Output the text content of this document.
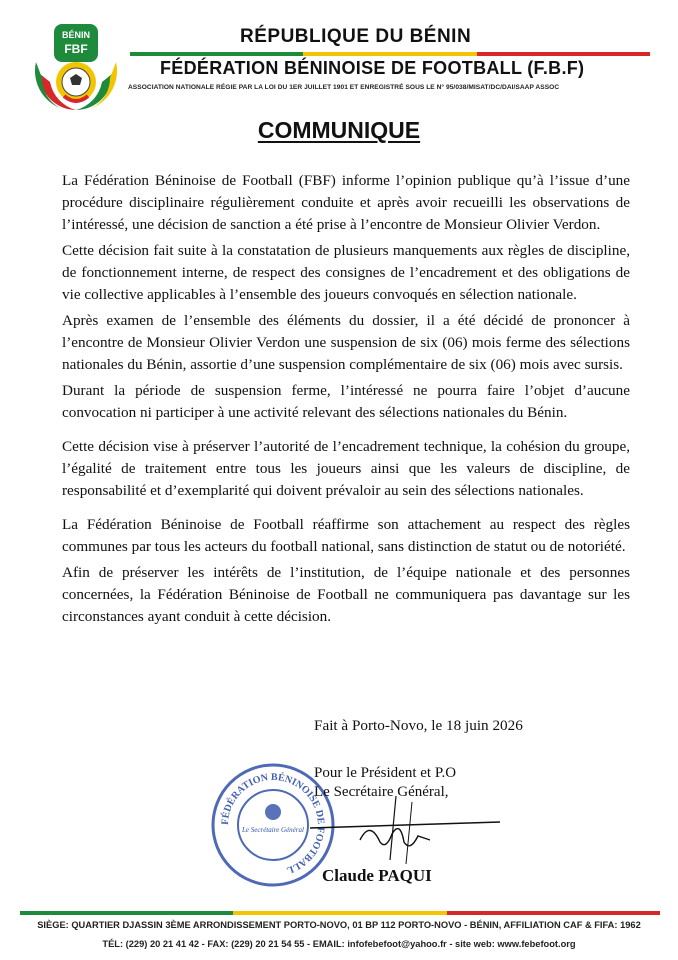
BÉNIN
FBF
RÉPUBLIQUE DU BÉNIN
FÉDÉRATION BÉNINOISE DE FOOTBALL (F.B.F)
ASSOCIATION NATIONALE RÉGIE PAR LA LOI DU 1ER JUILLET 1901 ET ENREGISTRÉ SOUS LE N° 95/038/MISAT/DC/DAI/SAAP ASSOC
COMMUNIQUE

La Fédération Béninoise de Football (FBF) informe l’opinion publique qu’à l’issue d’une procédure disciplinaire régulièrement conduite et après avoir recueilli les observations de l’intéressé, une décision de sanction a été prise à l’encontre de Monsieur Olivier Verdon.

Cette décision fait suite à la constatation de plusieurs manquements aux règles de discipline, de fonctionnement interne, de respect des consignes de l’encadrement et des obligations de vie collective applicables à l’ensemble des joueurs convoqués en sélection nationale.

Après examen de l’ensemble des éléments du dossier, il a été décidé de prononcer à l’encontre de Monsieur Olivier Verdon une suspension de six (06) mois ferme des sélections nationales du Bénin, assortie d’une suspension complémentaire de six (06) mois avec sursis.

Durant la période de suspension ferme, l’intéressé ne pourra faire l’objet d’aucune convocation ni participer à une activité relevant des sélections nationales du Bénin.

Cette décision vise à préserver l’autorité de l’encadrement technique, la cohésion du groupe, l’égalité de traitement entre tous les joueurs ainsi que les valeurs de discipline, de responsabilité et d’exemplarité qui doivent prévaloir au sein des sélections nationales.

La Fédération Béninoise de Football réaffirme son attachement au respect des règles communes par tous les acteurs du football national, sans distinction de statut ou de notoriété.

Afin de préserver les intérêts de l’institution, de l’équipe nationale et des personnes concernées, la Fédération Béninoise de Football ne communiquera pas davantage sur les circonstances ayant conduit à cette décision.

Fait à Porto-Novo, le 18 juin 2026
FÉDÉRATION BÉNINOISE DE FOOTBALL
Le Secrétaire Général
Pour le Président et P.O
Le Secrétaire Général,
Claude PAQUI
SIÈGE: QUARTIER DJASSIN 3ÈME ARRONDISSEMENT PORTO-NOVO, 01 BP 112 PORTO-NOVO - BÉNIN, AFFILIATION CAF & FIFA: 1962
TÉL: (229) 20 21 41 42 - FAX: (229) 20 21 54 55 - EMAIL: infofebefoot@yahoo.fr - site web: www.febefoot.org
